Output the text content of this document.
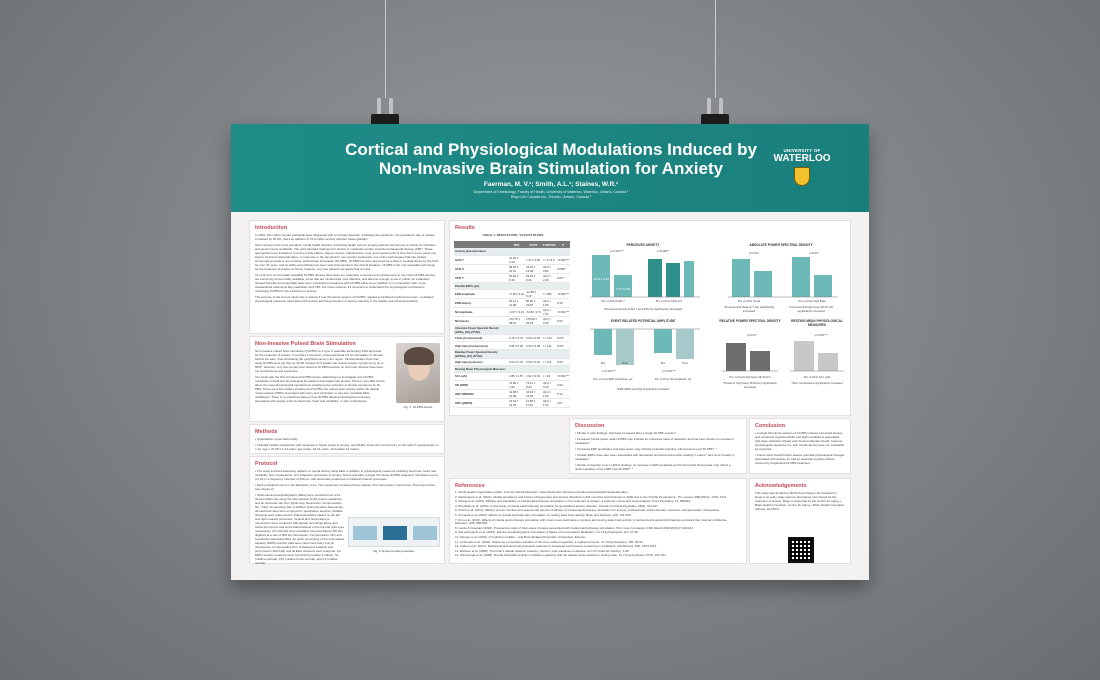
Cortical and Physiological Modulations Induced by Non-Invasive Brain Stimulation for Anxiety
Faerman, M. V.¹; Smith, A.L.¹; Staines, W.R.¹
Department of Kinesiology, Faculty of Health, University of Waterloo, Waterloo, Ontario, Canada ¹
Rego Life Canada Inc., Toronto, Ontario, Canada ²
UNIVERSITY OF
WATERLOO
Introduction
In 2019, 301 million people worldwide were diagnosed with an anxiety disorder¹. Following the pandemic, the prevalence rate of anxiety increased by 25.6%, that's an addition of 76.2 million anxiety disorder cases globally².
Since anxiety is the most prevalent mental health disorder, prioritizing health care for anxiety patients has become a priority for clinicians and governments worldwide. The gold standard treatment for anxiety is medication and/or cognitive behavioural therapy (CBT). These approaches have limitations in terms of side effects, stigma, access, effectiveness, cost, and requirements of time that it some cases can lead to treatment discontinuation. In response to the demand for new anxiety treatments, one of the technologies that has yielded encouraging results is non-invasive pulsed brain stimulation (NI-PBS). NI-PBS has been approved as a class II medical device by the FDA for over 40 years, and its safety and efficacy has been well documented in the clinical literature. NI-PBS is the only wearable technology for the treatment of anxiety at home; however, very few patients are aware that it exists.
Up until now, commercially available NI-PBS devices have been too expensive to access and cumbersome to use. New NI-PBS devices are becoming commercially available, some that are miniaturized, cost effective, and discreet enough to use in public. An evaluation showed benefits and potentially have been successful in treatment with NI-PBS either as an addition or in conjunction with, more standardized treatments like medication and CBT. For these reasons, it's important to understand the physiological mechanisms underlying NI-PBS for the treatment of anxiety.
The purpose of the current study was to assess if one 30-minute session of NI-PBS, applied to localized marked premotors, modulated physiological measures associated with anxiety and the perception of anxiety intensity in the healthy sub-clinical population.
Non-Invasive Pulsed Brain Stimulation
Non-invasive pulsed brain stimulation (NI-PBS) is a type of wearable technology FDA approved for the treatment of anxiety. It provides a low-level, pulsed electrical 0.5 Hz stimulation to the skin behind the ears, thus stimulating the peripheral nerve in the region. Clinical studies show that using NI-PBS once per day for 20-60 minutes for 6 weeks can reduce anxiety symptoms by up to 50%*. however, very few people have heard of NI-PBS because up until now, devices have been too cumbersome and expensive.
Our study was the first (introduced NI-PBS device called Rego to investigate how NI-PBS modulates cortical and physiological biomarkers associated with anxiety. There is very little known about the neurophysiological mechanisms underlying the reduction of anxiety symptoms by NI-PBS. There are a few studies showing that NI-PBS can reduce brain activity within the default mode network (DMN) associated with worry and rumination. It can also modulate EEG oscillations. There is no published data on how NI-PBS affects physiological processes associated with anxiety such as heart rate, heart rate variability, or skin conductance.
Fig. 1: NI-PBS device
Methods
• Quantitative, upper-label study.
• Included healthy participants with moderate or higher levels of anxiety, specifically, those who scored a 8+ on the GAD-7 questionnaire (n = 22, age = 22.08 ± 2.14 years; age range: 18-31 years; 14 females 13 males).
Protocol
• The study involved assessing patterns of neural activity using EEG in addition to physiological measures including heart rate, heart rate variability, skin conductance, and subjective perception of anxiety, before and after a single 30 minute NI-PBS treatment: stimulators set to 0.5 Hz in a frequency intervals of 500 μA, with electrodes positioned on bilateral mastoid processes.
• Each participant came to the laboratory once. The experiment contained three phases: Pre-intervention, Intervention, Post-intervention (see Figure 2).
• Scalp electroencephalography (EEG) were recorded from a 64-channel EEG cap using the international 10-20 system guidelines and an electrode cap from (Quik-Cap, Neuroscan, Compumedics, NC, USA). At sampling rate of 1000Hz (Compumedics Neuroscan). All electrode sites were employed in quantitative analysis. All EEG channels were referenced to linked electrodes placed on the left and right mastoid processes. Vertical and horizontal eye movements were monitored with bipolar recordings above and below the left eye and at the lateral aspect of the left and right eyes respectively. All channels were amplified, low-pass filtered (50 Hz), digitized at a rate of 500 Hz (Neuroscan, Compumedics, NC) and impedance was below 5kΩ. Air quick processing of the omit-related capacity (ERPs) and EC data were performed using Curry8 (Neuroscan, Compumedics NC). Subsequent analysis was performed in MATLAB, and all EEG channels were analyzed. For ERPs and EC measurements frontal (F2) positive (midline), N1 (midline parietal), P12 (midline fronto-central), and C2 (midline central).
Fig. 2: Experimental procedure.
Results
TABLE 1: RESULTS PRE- VS POST NI-PBS
	PRE	POST	V-SR/TEN	P
Anxiety Questionnaires				
GAD-7	14.00 ± 3.24	7.47 ± 4.80	t = 4.72 5	<0.001***
STAI-S	48.65 ± 10.51	42.15 ± 12.08	t(21) = 3.86	0.008**
STAI-T	54.20 ± 9.16	53.05 ± 8.44	t(21) = 2.38	0.03*
Parallel ERPs (μV)				
ERN amplitude	-9.18 ± 5.01	-11.88 ± 8.23	t = 486	<0.001***
ERN latency	81.11 ± 21.98	80.96 ± 23.87	t(21) = 1.89	0.10
N2 amplitude	-3.67 ± 3.21	-5.38 ± 3.71	t(21) = 7.44	<0.001***
N2 latency	272.75 ± 38.61	278.28 ± 39.03	t(21) = 0.49	0.63
Absolute Power Spectral Density (ΔPSq, [10] μV²/Hz)				
Theta (frontocentral)	0.75 ± 0.47	0.60 ± 0.56	t = 130	0.04*
High beta (frontocentral)	0.85 ± 0.94	0.66 ± 0.98	t = 141	0.03*
Relative Power Spectral Density (ΔPSDq, [10] μV²/Hz)				
High beta (posterior)	0.04 ± 0.01	0.06 ± 0.02	t = 111	0.01*
Resting Mean Physiological Measures				
SCL (μS)	3.86 ± 1.87	2.92 ± 2.81	t = 91	<0.001***
HR (BPM)	73.86 ± 7.83	73.11 ± 8.20	t(21) = 0.09	0.93
HRV (RMSSD)	41.88 ± 14.99	43.94 ± 15.83	t(21) = 1.56	0.14
HRV (pNN50)	19.61 ± 12.78	21.56 ± 11.40	t(21) = 1.92	0.07
PERCEIVED ANXIETY
p<0.001***	p<0.008**
14.00 ± 3.24
7.47 ± 4.80
Pre vs Post GAD-7	Pre vs Post STAI-S/T
*Perceived anxiety (GAD-7 and STAI-S) significantly decreased
ABSOLUTE POWER SPECTRAL DENSITY
p=0.04*	p=0.03*
Pre vs Post Theta	Pre vs Post High Beta
*Frontocentral theta (4-7 Hz) significantly increased
*Frontocentral high beta (18-30 Hz) significantly increased
EVENT RELATED POTENTIAL AMPLITUDE
p<0.001***	p<0.001***
Pre	Post	Pre	Post
Pre vs Post ERN amplitude, μV	Pre vs Post N2 amplitude, μV
*ERP (ERN and N2) amplitudes increased
RELATIVE POWER SPECTRAL DENSITY
p=0.01*
Pre vs Post High beta (18-30 Hz)
*Posterior high beta (18-30 Hz) significantly increased
RESTING MEAN PHYSIOLOGICAL MEASURES
p<0.001***
Pre vs Post SCL (μS)
*Skin conductance significantly increased
Discussion
• Similar to past findings, high beta increased after a single NI-PBS session²
• Increased frontal power peak NI-PBS may indicate an enhanced state of relaxation and has been shown to increase in meditation³
• Increased ERP amplitudes and beta power may indicate potential cognitive enhancement post NI-PBS⁴⁻⁵
• Smaller ERPs have also been associated with decreased perceived stress after walking in nature⁶ and more broadly in meditation⁷
• Similar to Faucher et al.'s (2012) findings, an increase in ERN amplitude and frontocentral theta power may reflect a downregulation of the DMN post-NI-PBS⁸⁻⁹
Conclusion
• A single 30-minute session of NI-PBS reduced perceived anxiety and enhanced cognitive ERPs and brain oscillations associated with deep relaxation (theta) and focused attention (beta); however, physiological measures (i.e. skin conductance) were not modulated as expected.
• Future work should further assess potential physiological changes associated with anxiety as well as potential cognitive effects induced by longitudinal NI-PBS treatment.
References
1. World Health Organization (2022, June 8). Mental Disorders. https://www.who.int/news-room/fact-sheets/detail/mental-disorders
2. Santomauro et al. (2021). Global prevalence and burden of depressive and anxiety disorders in 204 countries and territories in 2020 due to the COVID-19 pandemic. The Lancet, 398(10312), 1700–1712.
3. Chang et al. (2015). Efficacy and tolerability of cranial electrotherapy stimulation in the treatment of anxiety: a systemic review and meta-analysis. Front Psychiatry, 13, 899040.
4. Brunfacky et al. (2009). A pilot study of cranial electrotherapy stimulation for generalized anxiety disorder. Journal of Clinical Psychiatry, 69(3), 412-417.
5. Kirsch et al. (2014). Military service member and veteran self reports of efficacy of cranial electrotherapy stimulation for anxiety, posttraumatic stress disorder, insomnia, and depression. Perspective.
6. Ferrarelli et al. (2012). Effects of cranial electrotherapy stimulation on resting state brain activity. Brain and behavior, 2(2), 211-220.
7. Kim et al. (2021). Effects of cranial electrotherapy stimulation with novel in-ear electrodes on anxiety and resting-state brain activity: A randomized double-blind placebo-controlled trial. Journal of Affective Disorders, 295, 856-864.
8. Lande & Gragnani (2016). Prospective study of brain wave changes associated with cranial electrotherapy stimulation. Prim Care Companion CNS Disord 2018;20(6):17m02214.
9. DeLoshingseth et al. (2019). Electroencephalographic Correlates of States of Concentrative Meditation. Int J Psychophysiol, 110, 27-39.
10. Morgan et al. (2010). Introduction to EEG – and Brain-Related Potentials. Amsterdam: Elsevier.
11. LoTemplio et al. (2020). Nature as a potential modulator of the error-related negativity: a registered report. Int J Psychophysiol, 156, 49-59.
12. Andres et al. (2017). Behavioral and electrophysiological evidence of enhanced performance monitoring in meditators. Mindfulness, 8(6), 1603-1614.
13. Buckner et al. (2008). The brain's default network: anatomy, function, and relevance to disease. Ann NY Acad Sci 1124(1), 1-38.
14. Scheeringa et al. (2008). Frontal theta EEG activity correlates negatively with the default mode network in resting state. Int J Psychophysiol, 67(3), 242-251.
Acknowledgements
This study was funded by MITACS and Rego Life Canada Inc. Rego is an early stage start-up developing neuroboost for the treatment of anxiety. Rego is supported by the Centre for Aging + Brain Health Innovation, Centre for Aging + Brain Health Innovation, Velocity, and BCC.
